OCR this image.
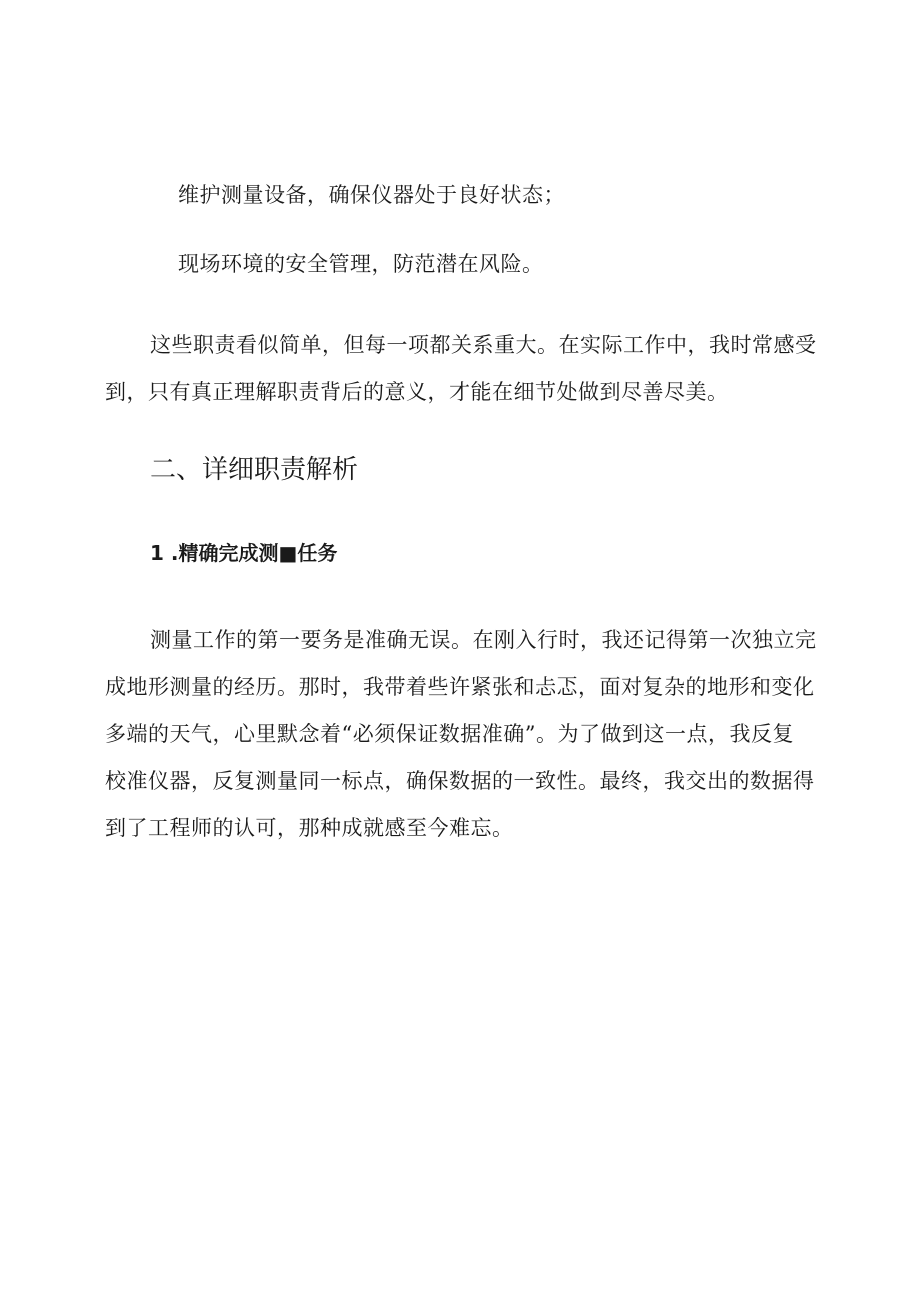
维护测量设备，确保仪器处于良好状态；
现场环境的安全管理，防范潜在风险。
这些职责看似简单，但每一项都关系重大。在实际工作中，我时常感受
到，只有真正理解职责背后的意义，才能在细节处做到尽善尽美。
二、详细职责解析
1 .精确完成测■任务
测量工作的第一要务是准确无误。在刚入行时，我还记得第一次独立完
成地形测量的经历。那时，我带着些许紧张和忐忑，面对复杂的地形和变化
多端的天气，心里默念着“必须保证数据准确”。为了做到这一点，我反复
校准仪器，反复测量同一标点，确保数据的一致性。最终，我交出的数据得
到了工程师的认可，那种成就感至今难忘。
